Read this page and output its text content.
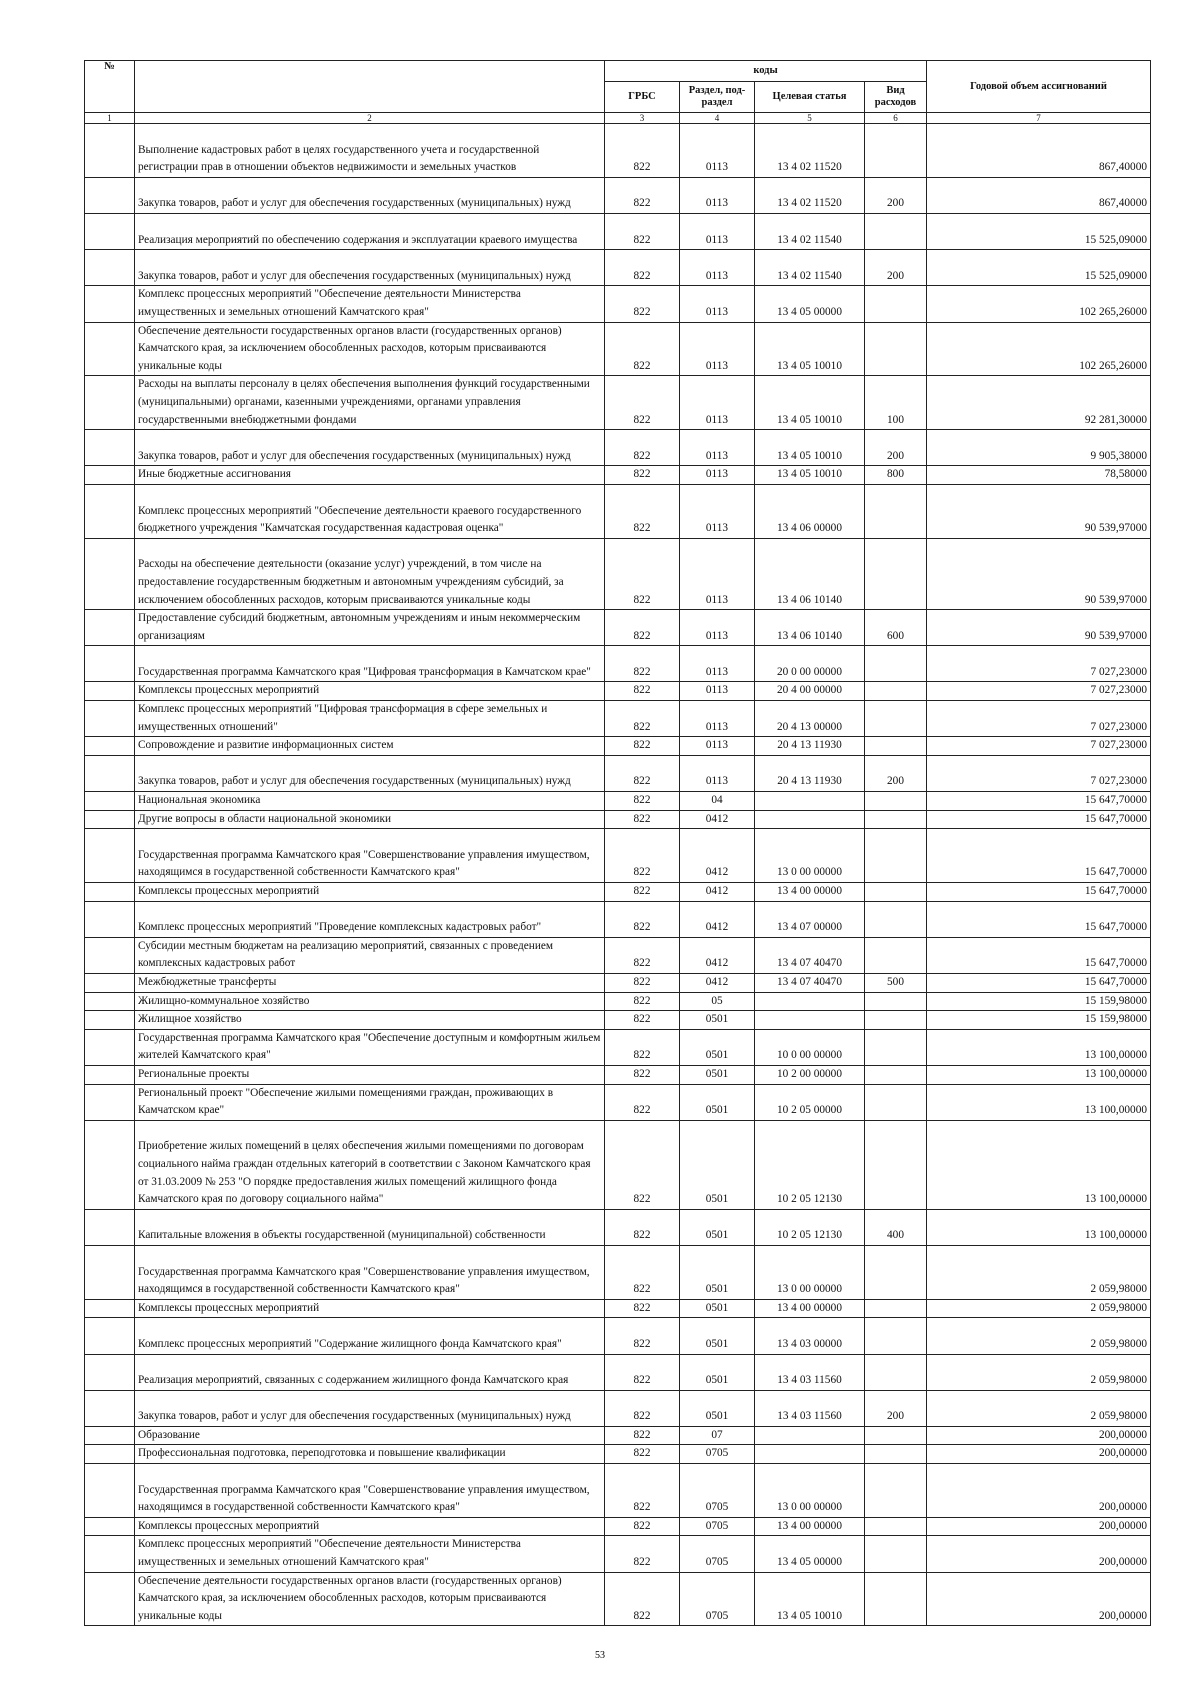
№		коды				Годовой объем ассигнований
		ГРБС	Раздел, под-раздел	Целевая статья	Вид расходов	
1	2	3	4	5	6	7
	Выполнение кадастровых работ в целях государственного учета и государственной регистрации прав в отношении объектов недвижимости и земельных участков	822	0113	13 4 02 11520		867,40000
	Закупка товаров, работ и услуг для обеспечения государственных (муниципальных) нужд	822	0113	13 4 02 11520	200	867,40000
	Реализация мероприятий по обеспечению содержания и эксплуатации краевого имущества	822	0113	13 4 02 11540		15 525,09000
	Закупка товаров, работ и услуг для обеспечения государственных (муниципальных) нужд	822	0113	13 4 02 11540	200	15 525,09000
	Комплекс процессных мероприятий "Обеспечение деятельности Министерства имущественных и земельных отношений Камчатского края"	822	0113	13 4 05 00000		102 265,26000
	Обеспечение деятельности государственных органов власти (государственных органов) Камчатского края, за исключением обособленных расходов, которым присваиваются уникальные коды	822	0113	13 4 05 10010		102 265,26000
	Расходы на выплаты персоналу в целях обеспечения выполнения функций государственными (муниципальными) органами, казенными учреждениями, органами управления государственными внебюджетными фондами	822	0113	13 4 05 10010	100	92 281,30000
	Закупка товаров, работ и услуг для обеспечения государственных (муниципальных) нужд	822	0113	13 4 05 10010	200	9 905,38000
	Иные бюджетные ассигнования	822	0113	13 4 05 10010	800	78,58000
	Комплекс процессных мероприятий "Обеспечение деятельности краевого государственного бюджетного учреждения "Камчатская государственная кадастровая оценка"	822	0113	13 4 06 00000		90 539,97000
	Расходы на обеспечение деятельности (оказание услуг) учреждений, в том числе на предоставление государственным бюджетным и автономным учреждениям субсидий, за исключением обособленных расходов, которым присваиваются уникальные коды	822	0113	13 4 06 10140		90 539,97000
	Предоставление субсидий бюджетным, автономным учреждениям и иным некоммерческим организациям	822	0113	13 4 06 10140	600	90 539,97000
	Государственная программа Камчатского края "Цифровая трансформация в Камчатском крае"	822	0113	20 0 00 00000		7 027,23000
	Комплексы процессных мероприятий	822	0113	20 4 00 00000		7 027,23000
	Комплекс процессных мероприятий "Цифровая трансформация в сфере земельных и имущественных отношений"	822	0113	20 4 13 00000		7 027,23000
	Сопровождение и развитие информационных систем	822	0113	20 4 13 11930		7 027,23000
	Закупка товаров, работ и услуг для обеспечения государственных (муниципальных) нужд	822	0113	20 4 13 11930	200	7 027,23000
	Национальная экономика	822	04			15 647,70000
	Другие вопросы в области национальной экономики	822	0412			15 647,70000
	Государственная программа Камчатского края "Совершенствование управления имуществом, находящимся в государственной собственности Камчатского края"	822	0412	13 0 00 00000		15 647,70000
	Комплексы процессных мероприятий	822	0412	13 4 00 00000		15 647,70000
	Комплекс процессных мероприятий "Проведение комплексных кадастровых работ"	822	0412	13 4 07 00000		15 647,70000
	Субсидии местным бюджетам на реализацию мероприятий, связанных с проведением комплексных кадастровых работ	822	0412	13 4 07 40470		15 647,70000
	Межбюджетные трансферты	822	0412	13 4 07 40470	500	15 647,70000
	Жилищно-коммунальное хозяйство	822	05			15 159,98000
	Жилищное хозяйство	822	0501			15 159,98000
	Государственная программа Камчатского края "Обеспечение доступным и комфортным жильем жителей Камчатского края"	822	0501	10 0 00 00000		13 100,00000
	Региональные проекты	822	0501	10 2 00 00000		13 100,00000
	Региональный проект "Обеспечение жилыми помещениями граждан, проживающих в Камчатском крае"	822	0501	10 2 05 00000		13 100,00000
	Приобретение жилых помещений в целях обеспечения жилыми помещениями по договорам социального найма граждан отдельных категорий в соответствии с Законом Камчатского края от 31.03.2009 № 253 "О порядке предоставления жилых помещений жилищного фонда Камчатского края по договору социального найма"	822	0501	10 2 05 12130		13 100,00000
	Капитальные вложения в объекты государственной (муниципальной) собственности	822	0501	10 2 05 12130	400	13 100,00000
	Государственная программа Камчатского края "Совершенствование управления имуществом, находящимся в государственной собственности Камчатского края"	822	0501	13 0 00 00000		2 059,98000
	Комплексы процессных мероприятий	822	0501	13 4 00 00000		2 059,98000
	Комплекс процессных мероприятий "Содержание жилищного фонда Камчатского края"	822	0501	13 4 03 00000		2 059,98000
	Реализация мероприятий, связанных с содержанием жилищного фонда Камчатского края	822	0501	13 4 03 11560		2 059,98000
	Закупка товаров, работ и услуг для обеспечения государственных (муниципальных) нужд	822	0501	13 4 03 11560	200	2 059,98000
	Образование	822	07			200,00000
	Профессиональная подготовка, переподготовка и повышение квалификации	822	0705			200,00000
	Государственная программа Камчатского края "Совершенствование управления имуществом, находящимся в государственной собственности Камчатского края"	822	0705	13 0 00 00000		200,00000
	Комплексы процессных мероприятий	822	0705	13 4 00 00000		200,00000
	Комплекс процессных мероприятий "Обеспечение деятельности Министерства имущественных и земельных отношений Камчатского края"	822	0705	13 4 05 00000		200,00000
	Обеспечение деятельности государственных органов власти (государственных органов) Камчатского края, за исключением обособленных расходов, которым присваиваются уникальные коды	822	0705	13 4 05 10010		200,00000
53
